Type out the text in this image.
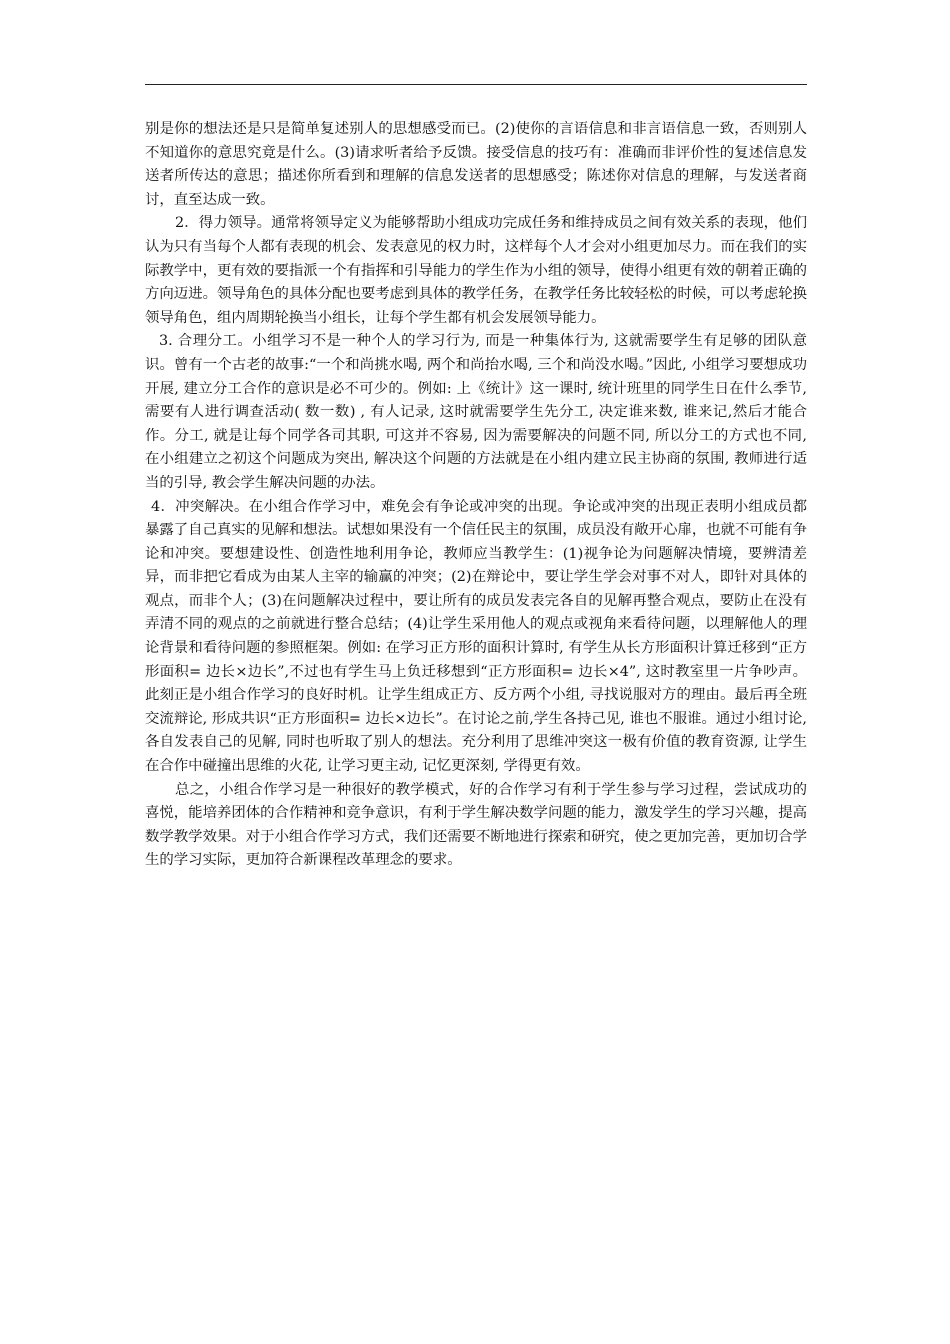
别是你的想法还是只是简单复述别人的思想感受而已。(2)使你的言语信息和非言语信息一致，否则别人不知道你的意思究竟是什么。(3)请求听者给予反馈。接受信息的技巧有：准确而非评价性的复述信息发送者所传达的意思；描述你所看到和理解的信息发送者的思想感受；陈述你对信息的理解，与发送者商讨，直至达成一致。

2．得力领导。通常将领导定义为能够帮助小组成功完成任务和维持成员之间有效关系的表现，他们认为只有当每个人都有表现的机会、发表意见的权力时，这样每个人才会对小组更加尽力。而在我们的实际教学中，更有效的要指派一个有指挥和引导能力的学生作为小组的领导，使得小组更有效的朝着正确的方向迈进。领导角色的具体分配也要考虑到具体的教学任务，在教学任务比较轻松的时候，可以考虑轮换领导角色，组内周期轮换当小组长，让每个学生都有机会发展领导能力。

3. 合理分工。小组学习不是一种个人的学习行为, 而是一种集体行为, 这就需要学生有足够的团队意识。曾有一个古老的故事:“一个和尚挑水喝, 两个和尚抬水喝, 三个和尚没水喝。”因此, 小组学习要想成功开展, 建立分工合作的意识是必不可少的。例如: 上《统计》这一课时, 统计班里的同学生日在什么季节, 需要有人进行调查活动( 数一数) , 有人记录, 这时就需要学生先分工, 决定谁来数, 谁来记,然后才能合作。分工, 就是让每个同学各司其职, 可这并不容易, 因为需要解决的问题不同, 所以分工的方式也不同, 在小组建立之初这个问题成为突出, 解决这个问题的方法就是在小组内建立民主协商的氛围, 教师进行适当的引导, 教会学生解决问题的办法。

4．冲突解决。在小组合作学习中，难免会有争论或冲突的出现。争论或冲突的出现正表明小组成员都暴露了自己真实的见解和想法。试想如果没有一个信任民主的氛围，成员没有敞开心扉，也就不可能有争论和冲突。要想建设性、创造性地利用争论，教师应当教学生：(1)视争论为问题解决情境，要辨清差异，而非把它看成为由某人主宰的输赢的冲突；(2)在辩论中，要让学生学会对事不对人，即针对具体的观点，而非个人；(3)在问题解决过程中，要让所有的成员发表完各自的见解再整合观点，要防止在没有弄清不同的观点的之前就进行整合总结；(4)让学生采用他人的观点或视角来看待问题，以理解他人的理论背景和看待问题的参照框架。例如: 在学习正方形的面积计算时, 有学生从长方形面积计算迁移到“正方形面积= 边长×边长”,不过也有学生马上负迁移想到“正方形面积= 边长×4”, 这时教室里一片争吵声。此刻正是小组合作学习的良好时机。让学生组成正方、反方两个小组, 寻找说服对方的理由。最后再全班交流辩论, 形成共识“正方形面积= 边长×边长”。在讨论之前,学生各持己见, 谁也不服谁。通过小组讨论, 各自发表自己的见解, 同时也听取了别人的想法。充分利用了思维冲突这一极有价值的教育资源, 让学生在合作中碰撞出思维的火花, 让学习更主动, 记忆更深刻, 学得更有效。

总之，小组合作学习是一种很好的教学模式，好的合作学习有利于学生参与学习过程，尝试成功的喜悦，能培养团体的合作精神和竞争意识，有利于学生解决数学问题的能力，激发学生的学习兴趣，提高数学教学效果。对于小组合作学习方式，我们还需要不断地进行探索和研究，使之更加完善，更加切合学生的学习实际，更加符合新课程改革理念的要求。
